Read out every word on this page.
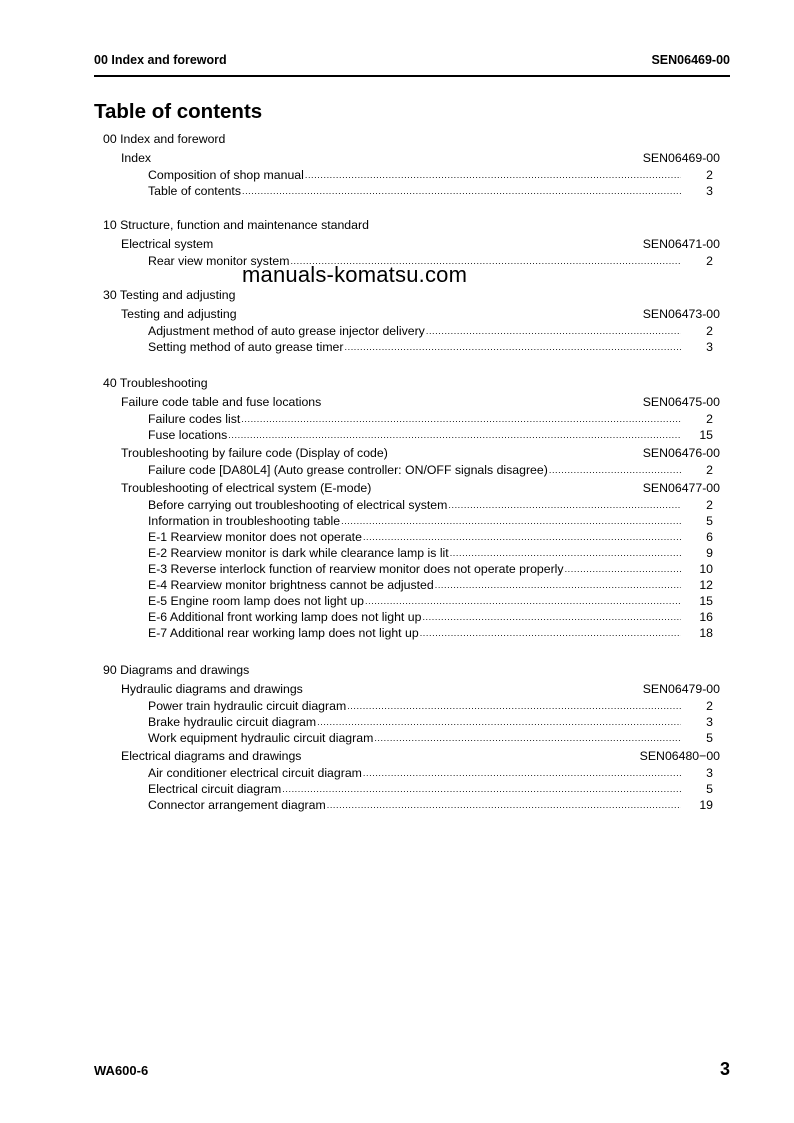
00 Index and foreword	SEN06469-00
Table of contents
00 Index and foreword
Index	SEN06469-00
Composition of shop manual .....	2
Table of contents .....	3
10 Structure, function and maintenance standard
Electrical system	SEN06471-00
Rear view monitor system .....	2
30 Testing and adjusting
Testing and adjusting	SEN06473-00
Adjustment method of auto grease injector delivery .....	2
Setting method of auto grease timer .....	3
40 Troubleshooting
Failure code table and fuse locations	SEN06475-00
Failure codes list .....	2
Fuse locations .....	15
Troubleshooting by failure code (Display of code)	SEN06476-00
Failure code [DA80L4] (Auto grease controller: ON/OFF signals disagree) .....	2
Troubleshooting of electrical system (E-mode)	SEN06477-00
Before carrying out troubleshooting of electrical system .....	2
Information in troubleshooting table .....	5
E-1 Rearview monitor does not operate .....	6
E-2 Rearview monitor is dark while clearance lamp is lit .....	9
E-3 Reverse interlock function of rearview monitor does not operate properly .....	10
E-4 Rearview monitor brightness cannot be adjusted .....	12
E-5 Engine room lamp does not light up .....	15
E-6 Additional front working lamp does not light up .....	16
E-7 Additional rear working lamp does not light up .....	18
90 Diagrams and drawings
Hydraulic diagrams and drawings	SEN06479-00
Power train hydraulic circuit diagram .....	2
Brake hydraulic circuit diagram .....	3
Work equipment hydraulic circuit diagram .....	5
Electrical diagrams and drawings	SEN06480−00
Air conditioner electrical circuit diagram .....	3
Electrical circuit diagram .....	5
Connector arrangement diagram .....	19
manuals-komatsu.com
WA600-6	3
